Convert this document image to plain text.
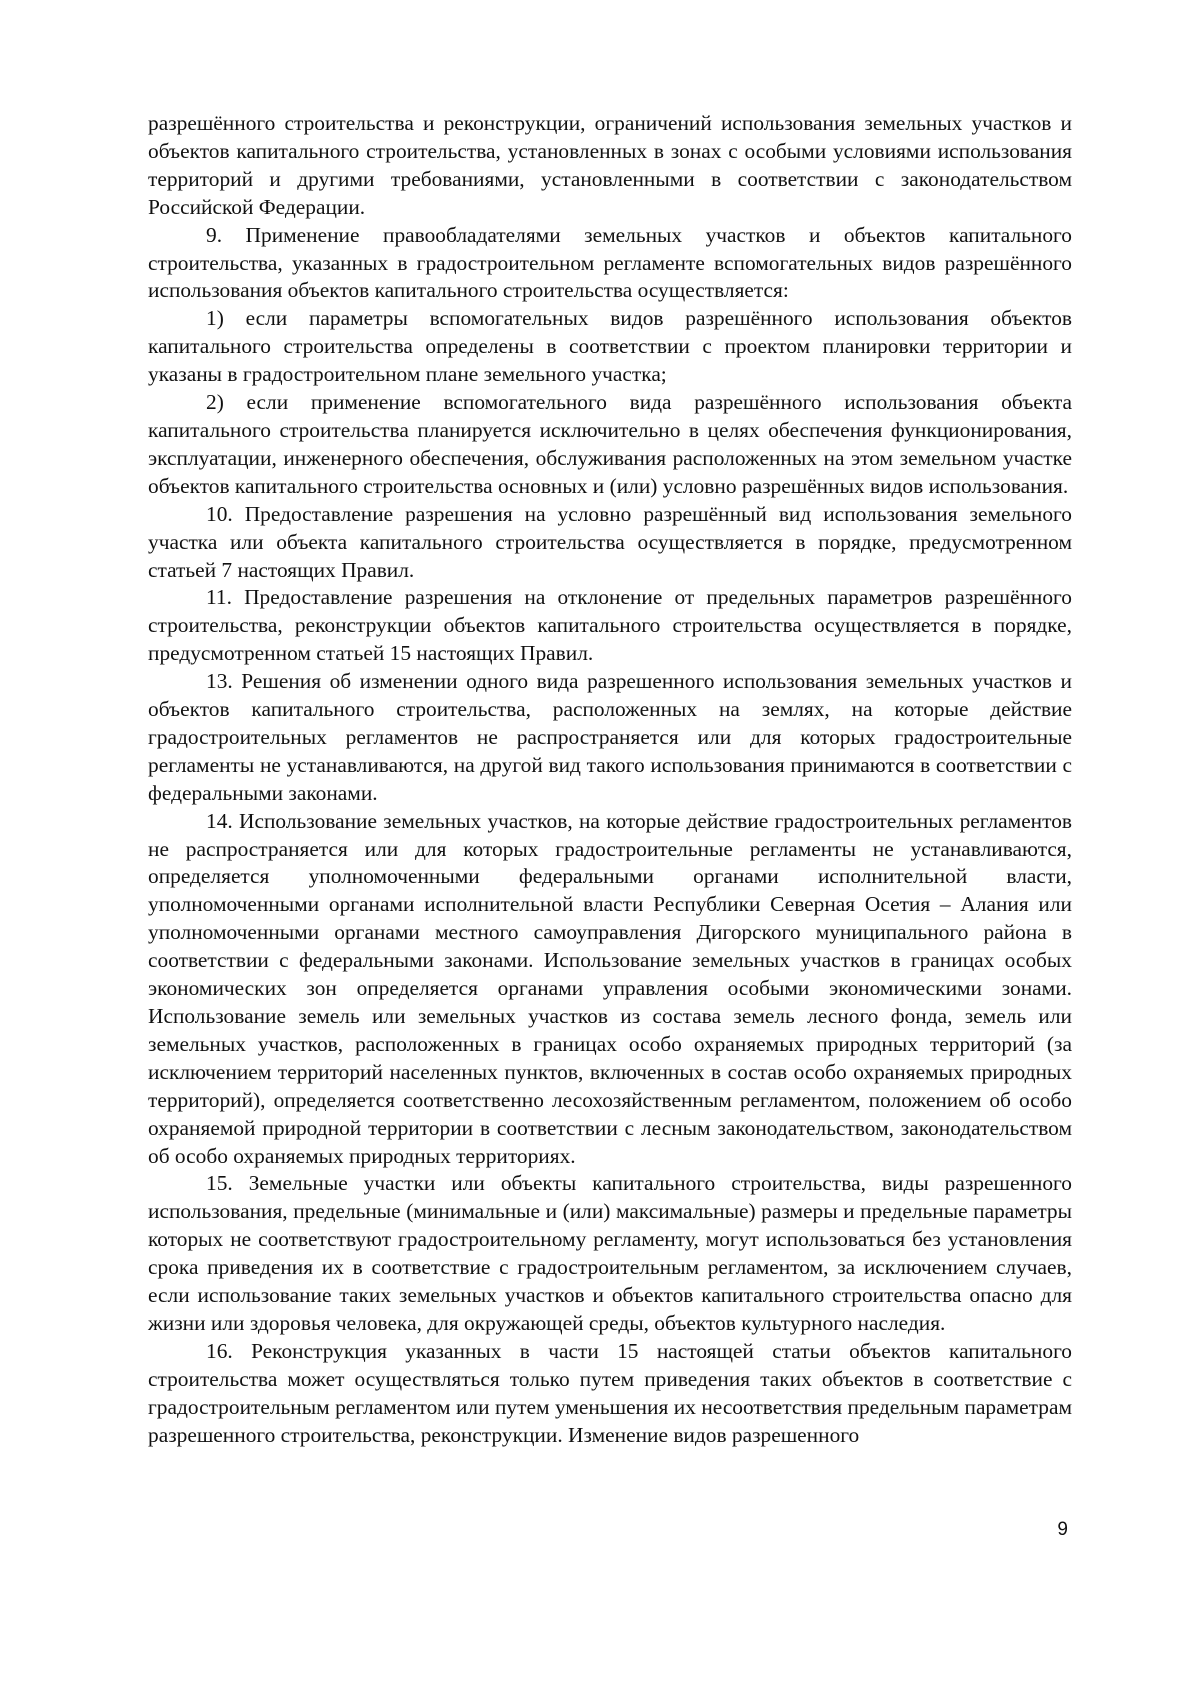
разрешённого строительства и реконструкции, ограничений использования земельных участков и объектов капитального строительства, установленных в зонах с особыми условиями использования территорий и другими требованиями, установленными в соответствии с законодательством Российской Федерации.

9. Применение правообладателями земельных участков и объектов капитального строительства, указанных в градостроительном регламенте вспомогательных видов разрешённого использования объектов капитального строительства осуществляется:

1) если параметры вспомогательных видов разрешённого использования объектов капитального строительства определены в соответствии с проектом планировки территории и указаны в градостроительном плане земельного участка;

2) если применение вспомогательного вида разрешённого использования объекта капитального строительства планируется исключительно в целях обеспечения функционирования, эксплуатации, инженерного обеспечения, обслуживания расположенных на этом земельном участке объектов капитального строительства основных и (или) условно разрешённых видов использования.

10. Предоставление разрешения на условно разрешённый вид использования земельного участка или объекта капитального строительства осуществляется в порядке, предусмотренном статьей 7 настоящих Правил.

11. Предоставление разрешения на отклонение от предельных параметров разрешённого строительства, реконструкции объектов капитального строительства осуществляется в порядке, предусмотренном статьей 15 настоящих Правил.

13. Решения об изменении одного вида разрешенного использования земельных участков и объектов капитального строительства, расположенных на землях, на которые действие градостроительных регламентов не распространяется или для которых градостроительные регламенты не устанавливаются, на другой вид такого использования принимаются в соответствии с федеральными законами.

14. Использование земельных участков, на которые действие градостроительных регламентов не распространяется или для которых градостроительные регламенты не устанавливаются, определяется уполномоченными федеральными органами исполнительной власти, уполномоченными органами исполнительной власти Республики Северная Осетия – Алания или уполномоченными органами местного самоуправления Дигорского муниципального района в соответствии с федеральными законами. Использование земельных участков в границах особых экономических зон определяется органами управления особыми экономическими зонами. Использование земель или земельных участков из состава земель лесного фонда, земель или земельных участков, расположенных в границах особо охраняемых природных территорий (за исключением территорий населенных пунктов, включенных в состав особо охраняемых природных территорий), определяется соответственно лесохозяйственным регламентом, положением об особо охраняемой природной территории в соответствии с лесным законодательством, законодательством об особо охраняемых природных территориях.

15. Земельные участки или объекты капитального строительства, виды разрешенного использования, предельные (минимальные и (или) максимальные) размеры и предельные параметры которых не соответствуют градостроительному регламенту, могут использоваться без установления срока приведения их в соответствие с градостроительным регламентом, за исключением случаев, если использование таких земельных участков и объектов капитального строительства опасно для жизни или здоровья человека, для окружающей среды, объектов культурного наследия.

16. Реконструкция указанных в части 15 настоящей статьи объектов капитального строительства может осуществляться только путем приведения таких объектов в соответствие с градостроительным регламентом или путем уменьшения их несоответствия предельным параметрам разрешенного строительства, реконструкции. Изменение видов разрешенного

9
